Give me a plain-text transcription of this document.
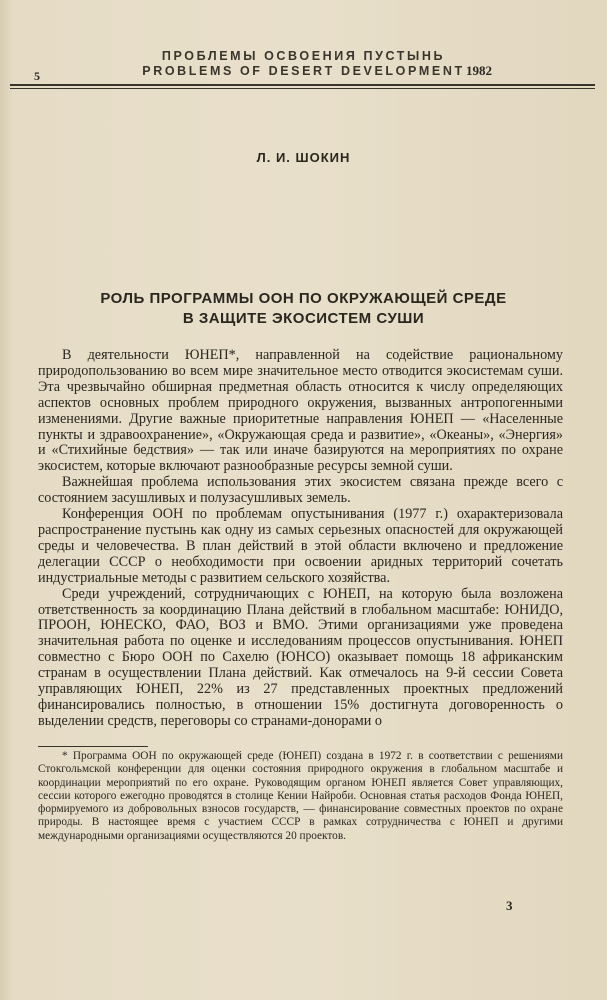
ПРОБЛЕМЫ ОСВОЕНИЯ ПУСТЫНЬ
5	PROBLEMS OF DESERT DEVELOPMENT 1982
Л. И. ШОКИН
РОЛЬ ПРОГРАММЫ ООН ПО ОКРУЖАЮЩЕЙ СРЕДЕ
В ЗАЩИТЕ ЭКОСИСТЕМ СУШИ

В деятельности ЮНЕП*, направленной на содействие рациональному природопользованию во всем мире значительное место отводится экосистемам суши. Эта чрезвычайно обширная предметная область относится к числу определяющих аспектов основных проблем природного окружения, вызванных антропогенными изменениями. Другие важные приоритетные направления ЮНЕП — «Населенные пункты и здравоохранение», «Окружающая среда и развитие», «Океаны», «Энергия» и «Стихийные бедствия» — так или иначе базируются на мероприятиях по охране экосистем, которые включают разнообразные ресурсы земной суши.

Важнейшая проблема использования этих экосистем связана прежде всего с состоянием засушливых и полузасушливых земель.

Конференция ООН по проблемам опустынивания (1977 г.) охарактеризовала распространение пустынь как одну из самых серьезных опасностей для окружающей среды и человечества. В план действий в этой области включено и предложение делегации СССР о необходимости при освоении аридных территорий сочетать индустриальные методы с развитием сельского хозяйства.

Среди учреждений, сотрудничающих с ЮНЕП, на которую была возложена ответственность за координацию Плана действий в глобальном масштабе: ЮНИДО, ПРООН, ЮНЕСКО, ФАО, ВОЗ и ВМО. Этими организациями уже проведена значительная работа по оценке и исследованиям процессов опустынивания. ЮНЕП совместно с Бюро ООН по Сахелю (ЮНСО) оказывает помощь 18 африканским странам в осуществлении Плана действий. Как отмечалось на 9-й сессии Совета управляющих ЮНЕП, 22% из 27 представленных проектных предложений финансировались полностью, в отношении 15% достигнута договоренность о выделении средств, переговоры со странами-донорами о

* Программа ООН по окружающей среде (ЮНЕП) создана в 1972 г. в соответствии с решениями Стокгольмской конференции для оценки состояния природного окружения в глобальном масштабе и координации мероприятий по его охране. Руководящим органом ЮНЕП является Совет управляющих, сессии которого ежегодно проводятся в столице Кении Найроби. Основная статья расходов Фонда ЮНЕП, формируемого из добровольных взносов государств, — финансирование совместных проектов по охране природы. В настоящее время с участием СССР в рамках сотрудничества с ЮНЕП и другими международными организациями осуществляются 20 проектов.

3
